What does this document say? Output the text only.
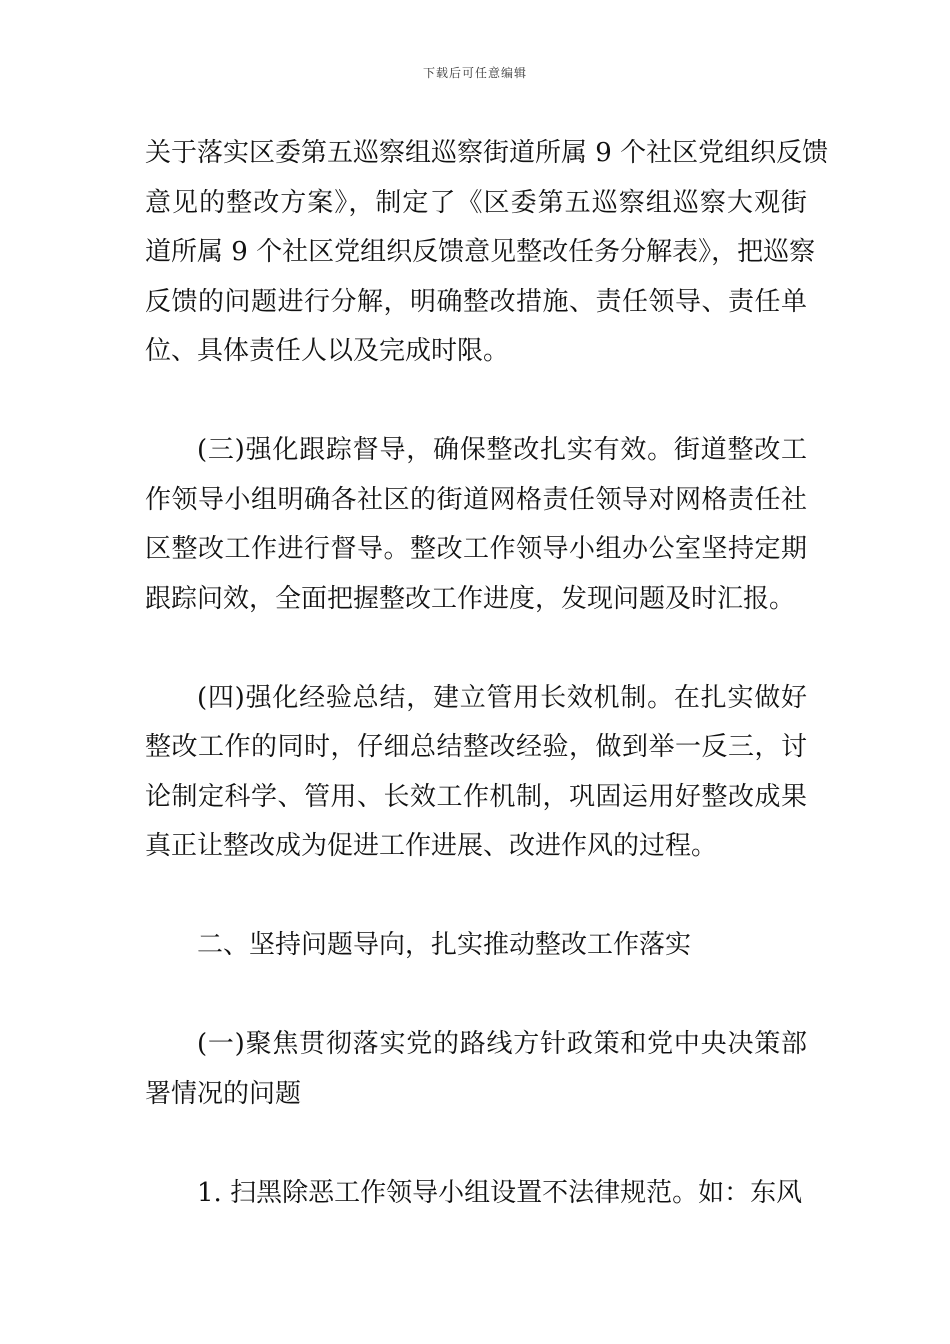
下载后可任意编辑
关于落实区委第五巡察组巡察街道所属 9 个社区党组织反馈
意见的整改方案》，制定了《区委第五巡察组巡察大观街
道所属 9 个社区党组织反馈意见整改任务分解表》，把巡察
反馈的问题进行分解，明确整改措施、责任领导、责任单
位、具体责任人以及完成时限。
(三)强化跟踪督导，确保整改扎实有效。街道整改工
作领导小组明确各社区的街道网格责任领导对网格责任社
区整改工作进行督导。整改工作领导小组办公室坚持定期
跟踪问效，全面把握整改工作进度，发现问题及时汇报。
(四)强化经验总结，建立管用长效机制。在扎实做好
整改工作的同时，仔细总结整改经验，做到举一反三，讨
论制定科学、管用、长效工作机制，巩固运用好整改成果
真正让整改成为促进工作进展、改进作风的过程。
二、坚持问题导向，扎实推动整改工作落实
(一)聚焦贯彻落实党的路线方针政策和党中央决策部
署情况的问题
1. 扫黑除恶工作领导小组设置不法律规范。如：东风
